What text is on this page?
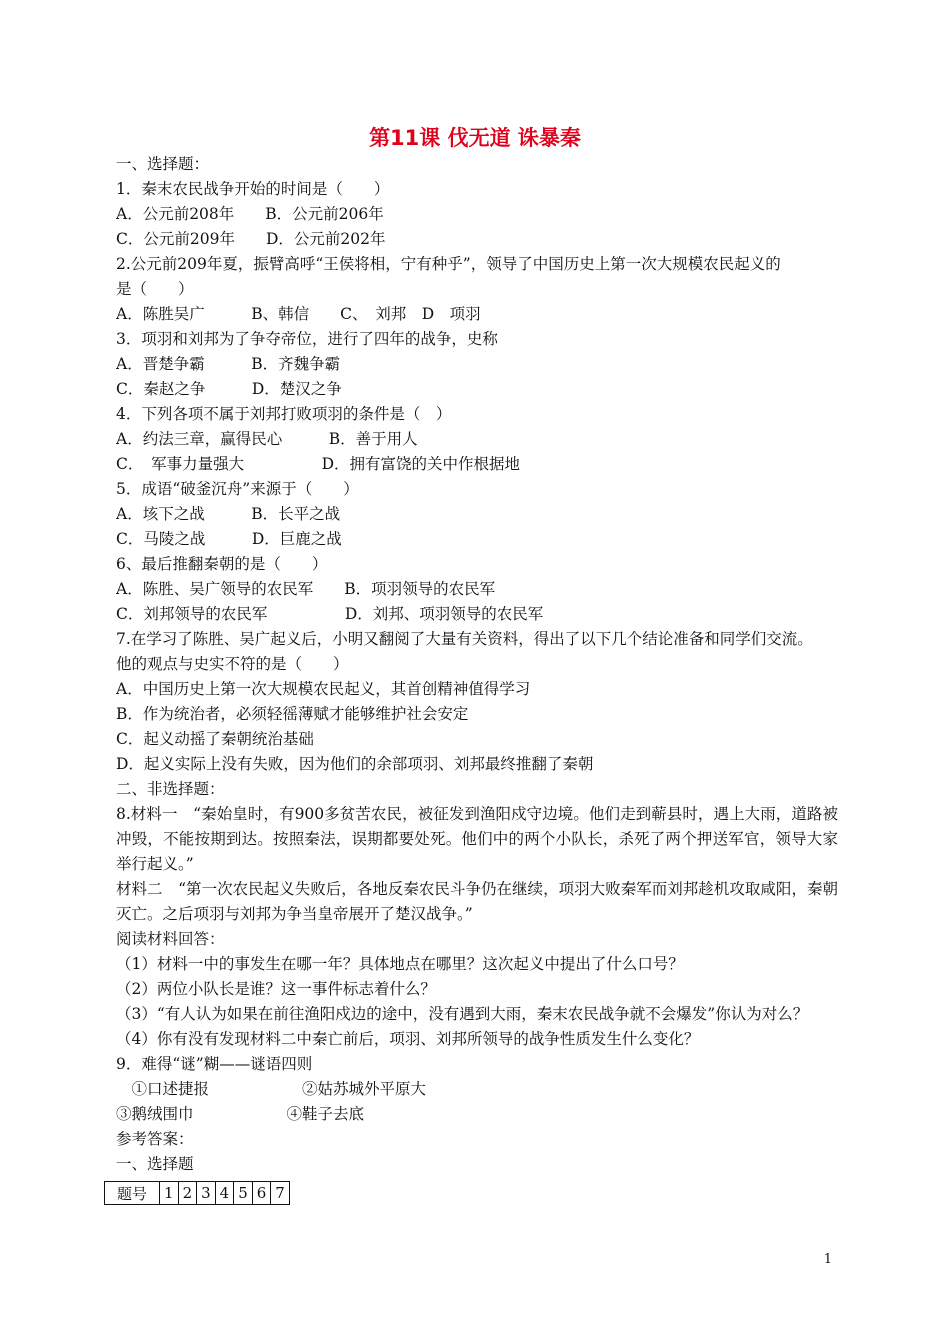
第11课 伐无道 诛暴秦
一、选择题：
1．秦末农民战争开始的时间是（　　）
A．公元前208年　　B．公元前206年
C．公元前209年　　D．公元前202年
2.公元前209年夏，振臂高呼“王侯将相，宁有种乎”，领导了中国历史上第一次大规模农民起义的
是（　　）
A．陈胜吴广　　　B、韩信　　C、　刘邦　D　项羽
3．项羽和刘邦为了争夺帝位，进行了四年的战争，史称
A．晋楚争霸　　　B．齐魏争霸
C．秦赵之争　　　D．楚汉之争
4．下列各项不属于刘邦打败项羽的条件是（　）
A．约法三章，赢得民心　　　B．善于用人
C．　军事力量强大　　　　　D．拥有富饶的关中作根据地
5．成语“破釜沉舟”来源于（　　）
A．垓下之战　　　B．长平之战
C．马陵之战　　　D．巨鹿之战
6、最后推翻秦朝的是（　　）
A．陈胜、吴广领导的农民军　　B．项羽领导的农民军
C．刘邦领导的农民军　　　　　D．刘邦、项羽领导的农民军
7.在学习了陈胜、吴广起义后，小明又翻阅了大量有关资料，得出了以下几个结论准备和同学们交流。
他的观点与史实不符的是（　　）
A．中国历史上第一次大规模农民起义，其首创精神值得学习
B．作为统治者，必须轻徭薄赋才能够维护社会安定
C．起义动摇了秦朝统治基础
D．起义实际上没有失败，因为他们的余部项羽、刘邦最终推翻了秦朝
二、非选择题：
8.材料一　“秦始皇时，有900多贫苦农民，被征发到渔阳戍守边境。他们走到蕲县时，遇上大雨，道路被冲毁，不能按期到达。按照秦法，误期都要处死。他们中的两个小队长，杀死了两个押送军官，领导大家举行起义。”
材料二　“第一次农民起义失败后，各地反秦农民斗争仍在继续，项羽大败秦军而刘邦趁机攻取咸阳，秦朝灭亡。之后项羽与刘邦为争当皇帝展开了楚汉战争。”
阅读材料回答：
（1）材料一中的事发生在哪一年？具体地点在哪里？这次起义中提出了什么口号？
（2）两位小队长是谁？这一事件标志着什么？
（3）“有人认为如果在前往渔阳戍边的途中，没有遇到大雨，秦末农民战争就不会爆发”你认为对么？
（4）你有没有发现材料二中秦亡前后，项羽、刘邦所领导的战争性质发生什么变化？
9．难得“谜”糊——谜语四则
　①口述捷报　　　　　　②姑苏城外平原大
③鹅绒围巾　　　　　　④鞋子去底
参考答案：
一、选择题
题号	1	2	3	4	5	6	7
1
